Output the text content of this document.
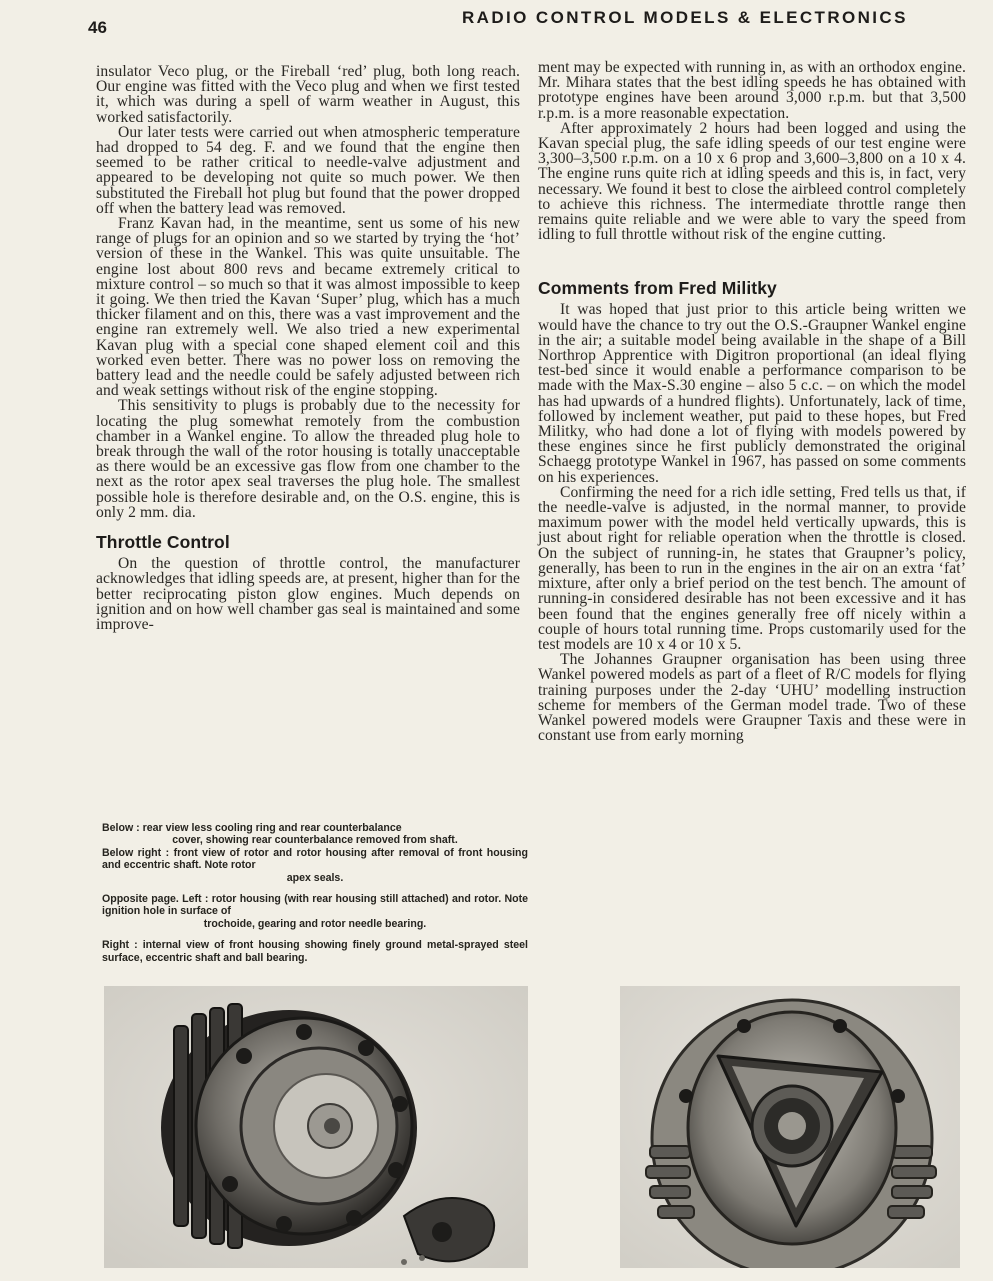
46
RADIO CONTROL MODELS & ELECTRONICS

insulator Veco plug, or the Fireball ‘red’ plug, both long reach. Our engine was fitted with the Veco plug and when we first tested it, which was during a spell of warm weather in August, this worked satisfactorily.

Our later tests were carried out when atmospheric temperature had dropped to 54 deg. F. and we found that the engine then seemed to be rather critical to needle-valve adjustment and appeared to be developing not quite so much power. We then substituted the Fireball hot plug but found that the power dropped off when the battery lead was removed.

Franz Kavan had, in the meantime, sent us some of his new range of plugs for an opinion and so we started by trying the ‘hot’ version of these in the Wankel. This was quite unsuitable. The engine lost about 800 revs and became extremely critical to mixture control – so much so that it was almost impossible to keep it going. We then tried the Kavan ‘Super’ plug, which has a much thicker filament and on this, there was a vast improvement and the engine ran extremely well. We also tried a new experimental Kavan plug with a special cone shaped element coil and this worked even better. There was no power loss on removing the battery lead and the needle could be safely adjusted between rich and weak settings without risk of the engine stopping.

This sensitivity to plugs is probably due to the necessity for locating the plug somewhat remotely from the combustion chamber in a Wankel engine. To allow the threaded plug hole to break through the wall of the rotor housing is totally unacceptable as there would be an excessive gas flow from one chamber to the next as the rotor apex seal traverses the plug hole. The smallest possible hole is therefore desirable and, on the O.S. engine, this is only 2 mm. dia.

Throttle Control

On the question of throttle control, the manufacturer acknowledges that idling speeds are, at present, higher than for the better reciprocating piston glow engines. Much depends on ignition and on how well chamber gas seal is maintained and some improve-

ment may be expected with running in, as with an orthodox engine. Mr. Mihara states that the best idling speeds he has obtained with prototype engines have been around 3,000 r.p.m. but that 3,500 r.p.m. is a more reasonable expectation.

After approximately 2 hours had been logged and using the Kavan special plug, the safe idling speeds of our test engine were 3,300–3,500 r.p.m. on a 10 x 6 prop and 3,600–3,800 on a 10 x 4. The engine runs quite rich at idling speeds and this is, in fact, very necessary. We found it best to close the airbleed control completely to achieve this richness. The intermediate throttle range then remains quite reliable and we were able to vary the speed from idling to full throttle without risk of the engine cutting.

Comments from Fred Militky

It was hoped that just prior to this article being written we would have the chance to try out the O.S.-Graupner Wankel engine in the air; a suitable model being available in the shape of a Bill Northrop Apprentice with Digitron proportional (an ideal flying test-bed since it would enable a performance comparison to be made with the Max-S.30 engine – also 5 c.c. – on which the model has had upwards of a hundred flights). Unfortunately, lack of time, followed by inclement weather, put paid to these hopes, but Fred Militky, who had done a lot of flying with models powered by these engines since he first publicly demonstrated the original Schaegg prototype Wankel in 1967, has passed on some comments on his experiences.

Confirming the need for a rich idle setting, Fred tells us that, if the needle-valve is adjusted, in the normal manner, to provide maximum power with the model held vertically upwards, this is just about right for reliable operation when the throttle is closed. On the subject of running-in, he states that Graupner’s policy, generally, has been to run in the engines in the air on an extra ‘fat’ mixture, after only a brief period on the test bench. The amount of running-in considered desirable has not been excessive and it has been found that the engines generally free off nicely within a couple of hours total running time. Props customarily used for the test models are 10 x 4 or 10 x 5.

The Johannes Graupner organisation has been using three Wankel powered models as part of a fleet of R/C models for flying training purposes under the 2-day ‘UHU’ modelling instruction scheme for members of the German model trade. Two of these Wankel powered models were Graupner Taxis and these were in constant use from early morning

Below : rear view less cooling ring and rear counterbalance
cover, showing rear counterbalance removed from shaft.

Below right : front view of rotor and rotor housing after removal of front housing and eccentric shaft. Note rotor
apex seals.

Opposite page. Left : rotor housing (with rear housing still attached) and rotor. Note ignition hole in surface of
trochoide, gearing and rotor needle bearing.

Right : internal view of front housing showing finely ground metal-sprayed steel surface, eccentric shaft and ball bearing.
